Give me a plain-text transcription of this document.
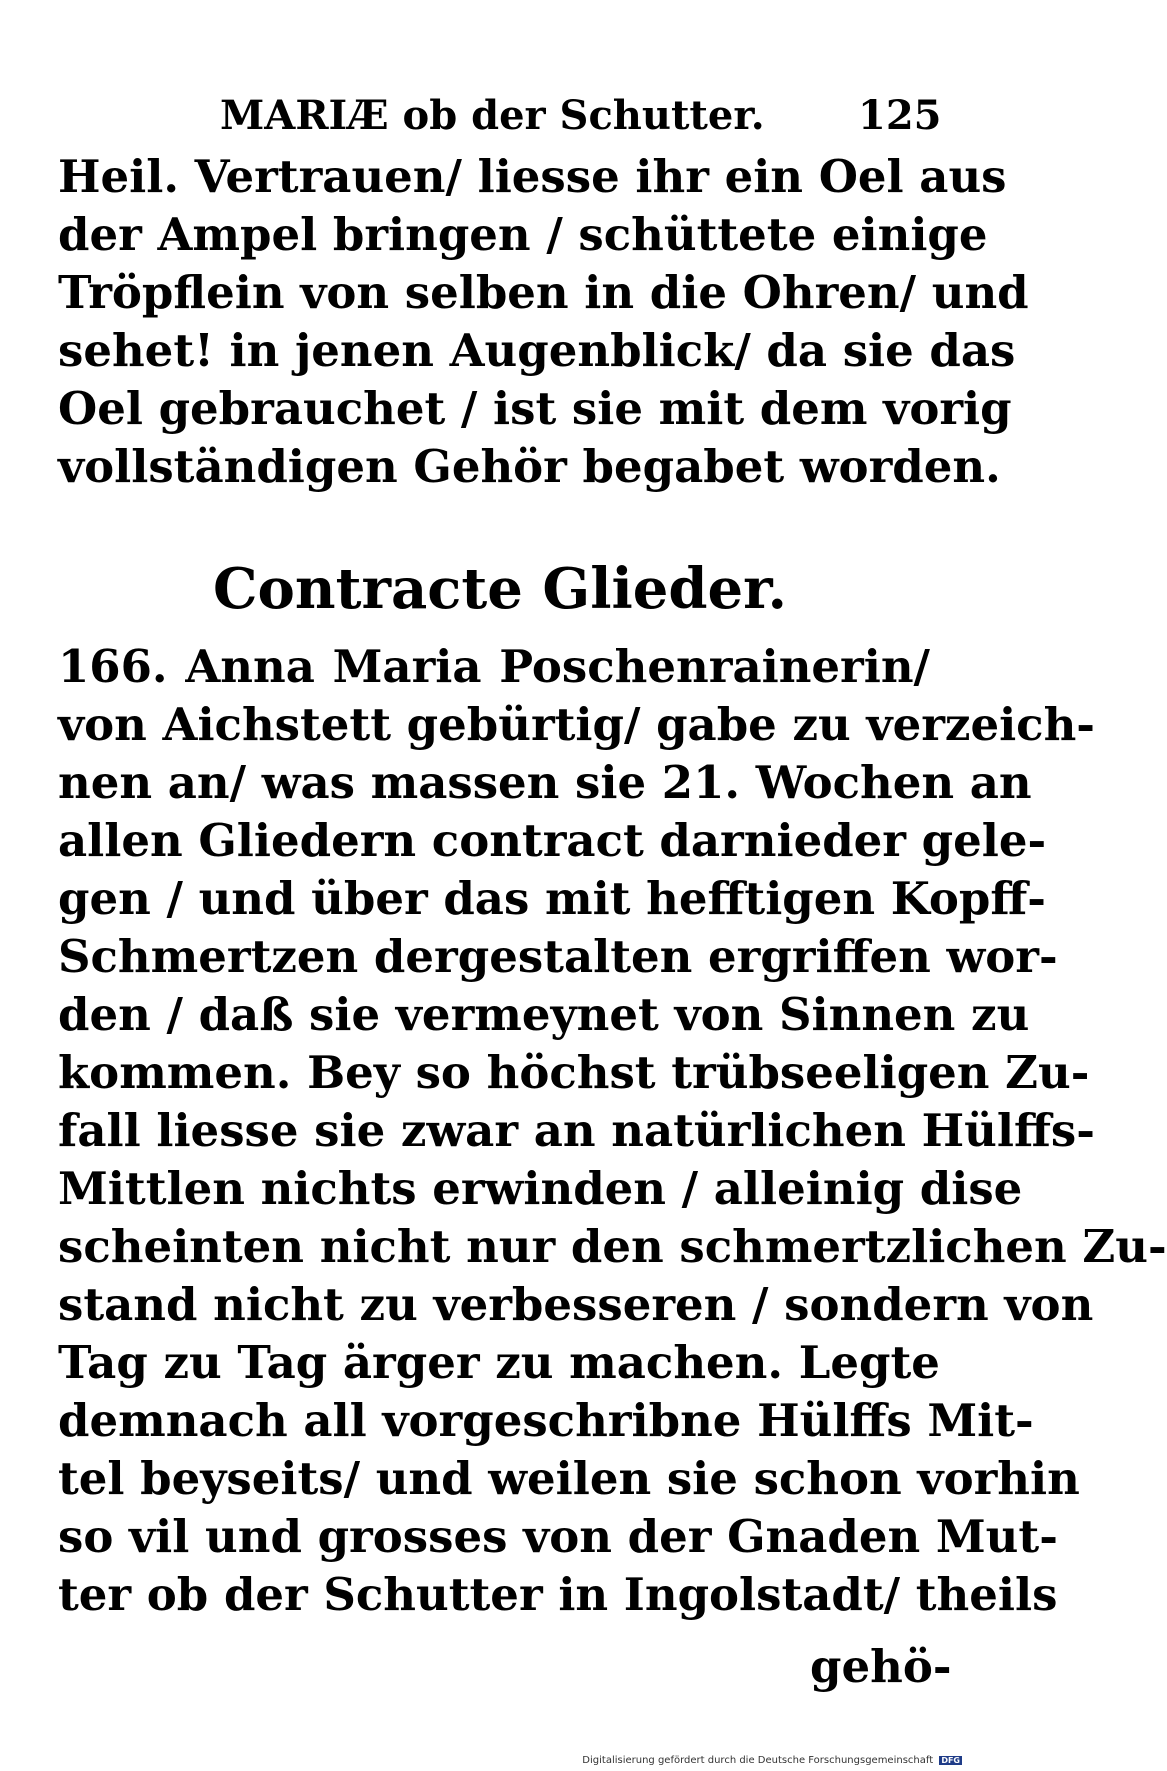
MARIÆ ob der Schutter. 125
Heil. Vertrauen/ liesse ihr ein Oel aus
der Ampel bringen / schüttete einige
Tröpflein von selben in die Ohren/ und
sehet! in jenen Augenblick/ da sie das
Oel gebrauchet / ist sie mit dem vorig
vollständigen Gehör begabet worden.
Contracte Glieder.
166. Anna Maria Poschenrainerin/
von Aichstett gebürtig/ gabe zu verzeich-
nen an/ was massen sie 21. Wochen an
allen Gliedern contract darnieder gele-
gen / und über das mit hefftigen Kopff-
Schmertzen dergestalten ergriffen wor-
den / daß sie vermeynet von Sinnen zu
kommen. Bey so höchst trübseeligen Zu-
fall liesse sie zwar an natürlichen Hülffs-
Mittlen nichts erwinden / alleinig dise
scheinten nicht nur den schmertzlichen Zu-
stand nicht zu verbesseren / sondern von
Tag zu Tag ärger zu machen. Legte
demnach all vorgeschribne Hülffs Mit-
tel beyseits/ und weilen sie schon vorhin
so vil und grosses von der Gnaden Mut-
ter ob der Schutter in Ingolstadt/ theils
gehö-
Digitalisierung gefördert durch die Deutsche Forschungsgemeinschaft DFG
